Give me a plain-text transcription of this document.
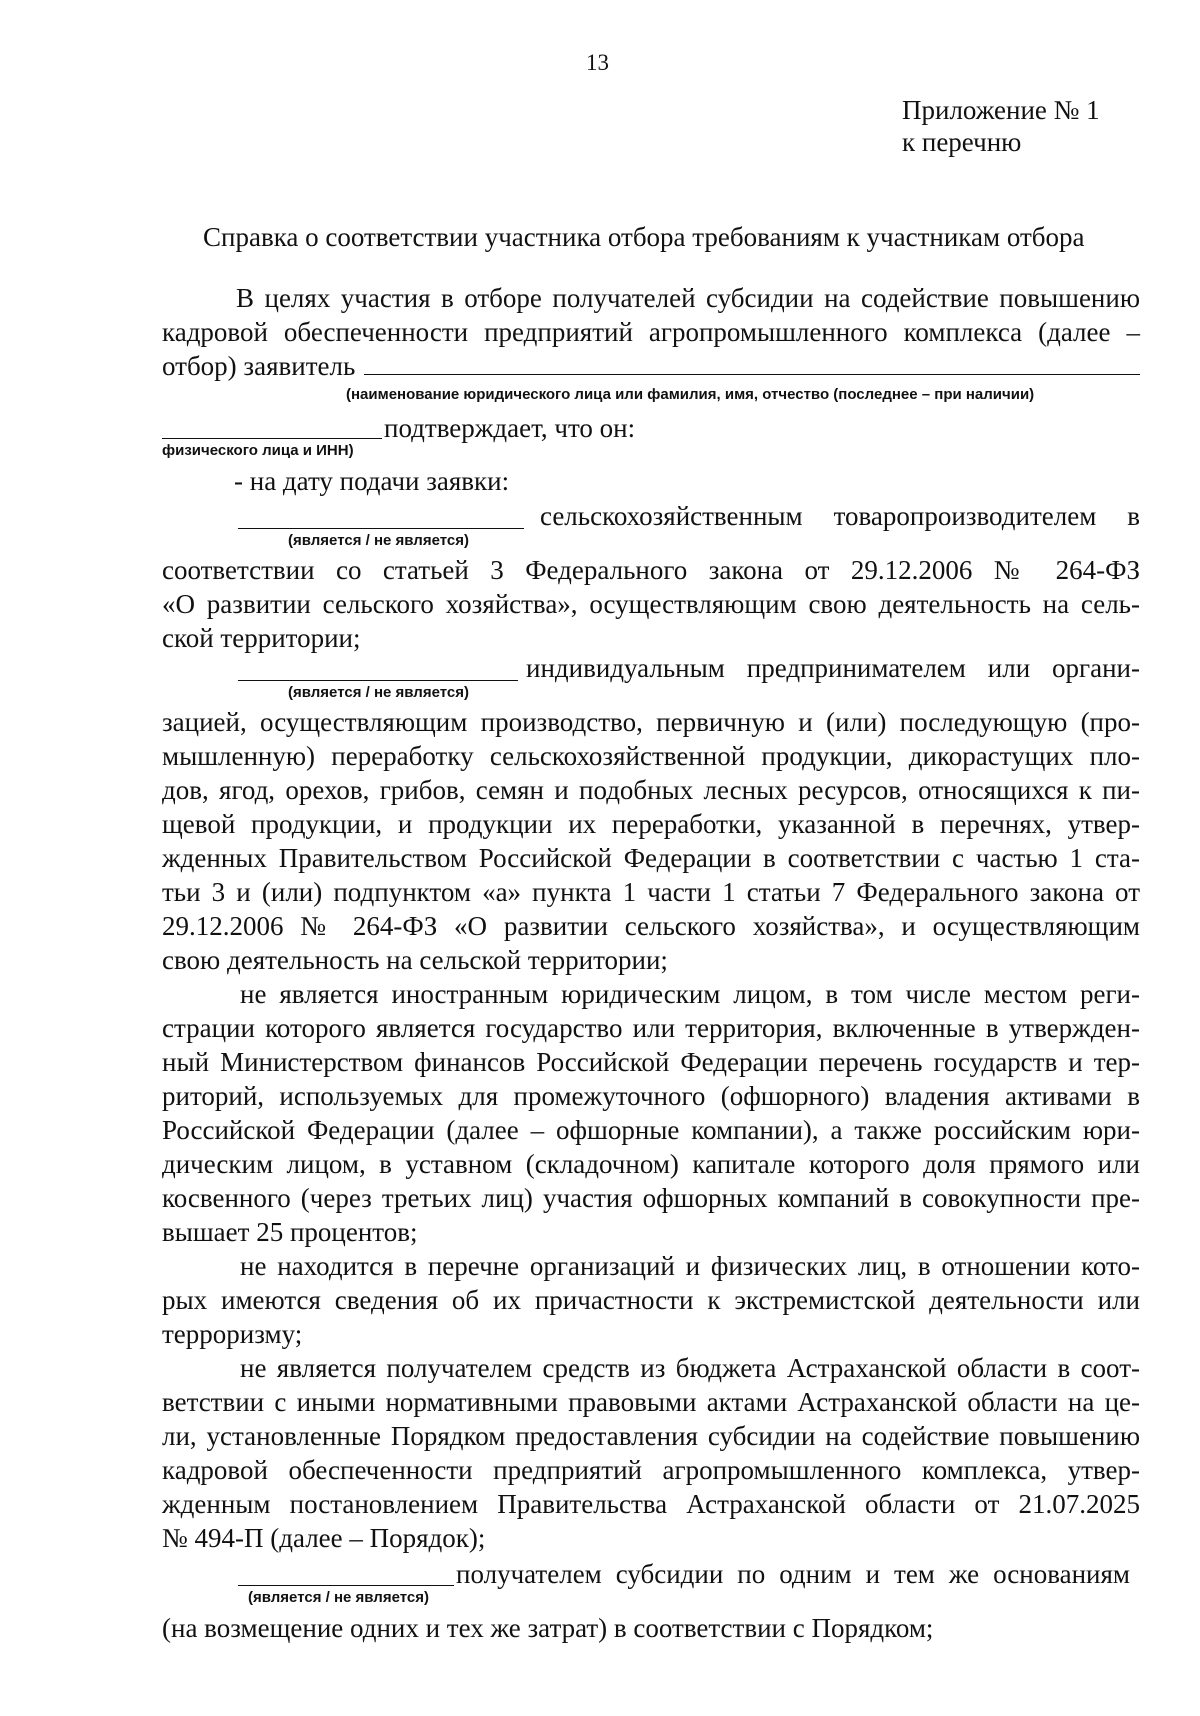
13
Приложение № 1
к перечню
Справка о соответствии участника отбора требованиям к участникам отбора
В целях участия в отборе получателей субсидии на содействие повышению
кадровой обеспеченности предприятий агропромышленного комплекса (далее –
отбор) заявитель
(наименование юридического лица или фамилия, имя, отчество (последнее – при наличии)
подтверждает, что он:
физического лица и ИНН)
- на дату подачи заявки:
сельскохозяйственным товаропроизводителем в
(является / не является)
соответствии со статьей 3 Федерального закона от 29.12.2006 № 264-ФЗ
«О развитии сельского хозяйства», осуществляющим свою деятельность на сель-
ской территории;
индивидуальным предпринимателем или органи-
(является / не является)
зацией, осуществляющим производство, первичную и (или) последующую (про-
мышленную) переработку сельскохозяйственной продукции, дикорастущих пло-
дов, ягод, орехов, грибов, семян и подобных лесных ресурсов, относящихся к пи-
щевой продукции, и продукции их переработки, указанной в перечнях, утвер-
жденных Правительством Российской Федерации в соответствии с частью 1 ста-
тьи 3 и (или) подпунктом «а» пункта 1 части 1 статьи 7 Федерального закона от
29.12.2006 № 264-ФЗ «О развитии сельского хозяйства», и осуществляющим
свою деятельность на сельской территории;
не является иностранным юридическим лицом, в том числе местом реги-
страции которого является государство или территория, включенные в утвержден-
ный Министерством финансов Российской Федерации перечень государств и тер-
риторий, используемых для промежуточного (офшорного) владения активами в
Российской Федерации (далее – офшорные компании), а также российским юри-
дическим лицом, в уставном (складочном) капитале которого доля прямого или
косвенного (через третьих лиц) участия офшорных компаний в совокупности пре-
вышает 25 процентов;
не находится в перечне организаций и физических лиц, в отношении кото-
рых имеются сведения об их причастности к экстремистской деятельности или
терроризму;
не является получателем средств из бюджета Астраханской области в соот-
ветствии с иными нормативными правовыми актами Астраханской области на це-
ли, установленные Порядком предоставления субсидии на содействие повышению
кадровой обеспеченности предприятий агропромышленного комплекса, утвер-
жденным постановлением Правительства Астраханской области от 21.07.2025
№ 494-П (далее – Порядок);
получателем субсидии по одним и тем же основаниям
(является / не является)
(на возмещение одних и тех же затрат) в соответствии с Порядком;
